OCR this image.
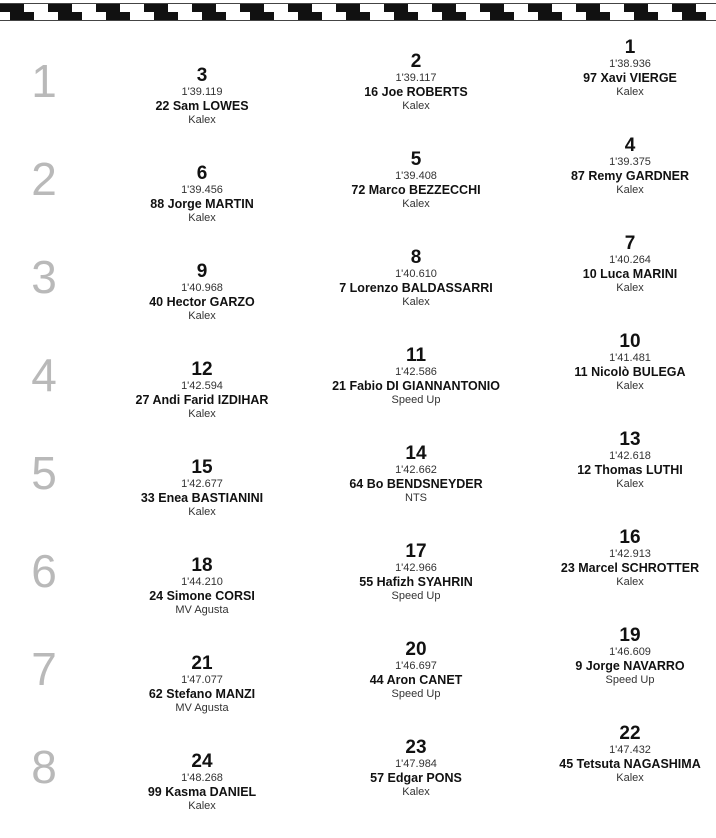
1	3
1'39.119
22 Sam LOWES
Kalex
2
1'39.117
16 Joe ROBERTS
Kalex
1
1'38.936
97 Xavi VIERGE
Kalex
2	6
1'39.456
88 Jorge MARTIN
Kalex
5
1'39.408
72 Marco BEZZECCHI
Kalex
4
1'39.375
87 Remy GARDNER
Kalex
3	9
1'40.968
40 Hector GARZO
Kalex
8
1'40.610
7 Lorenzo BALDASSARRI
Kalex
7
1'40.264
10 Luca MARINI
Kalex
4	12
1'42.594
27 Andi Farid IZDIHAR
Kalex
11
1'42.586
21 Fabio DI GIANNANTONIO
Speed Up
10
1'41.481
11 Nicolò BULEGA
Kalex
5	15
1'42.677
33 Enea BASTIANINI
Kalex
14
1'42.662
64 Bo BENDSNEYDER
NTS
13
1'42.618
12 Thomas LUTHI
Kalex
6	18
1'44.210
24 Simone CORSI
MV Agusta
17
1'42.966
55 Hafizh SYAHRIN
Speed Up
16
1'42.913
23 Marcel SCHROTTER
Kalex
7	21
1'47.077
62 Stefano MANZI
MV Agusta
20
1'46.697
44 Aron CANET
Speed Up
19
1'46.609
9 Jorge NAVARRO
Speed Up
8	24
1'48.268
99 Kasma DANIEL
Kalex
23
1'47.984
57 Edgar PONS
Kalex
22
1'47.432
45 Tetsuta NAGASHIMA
Kalex
